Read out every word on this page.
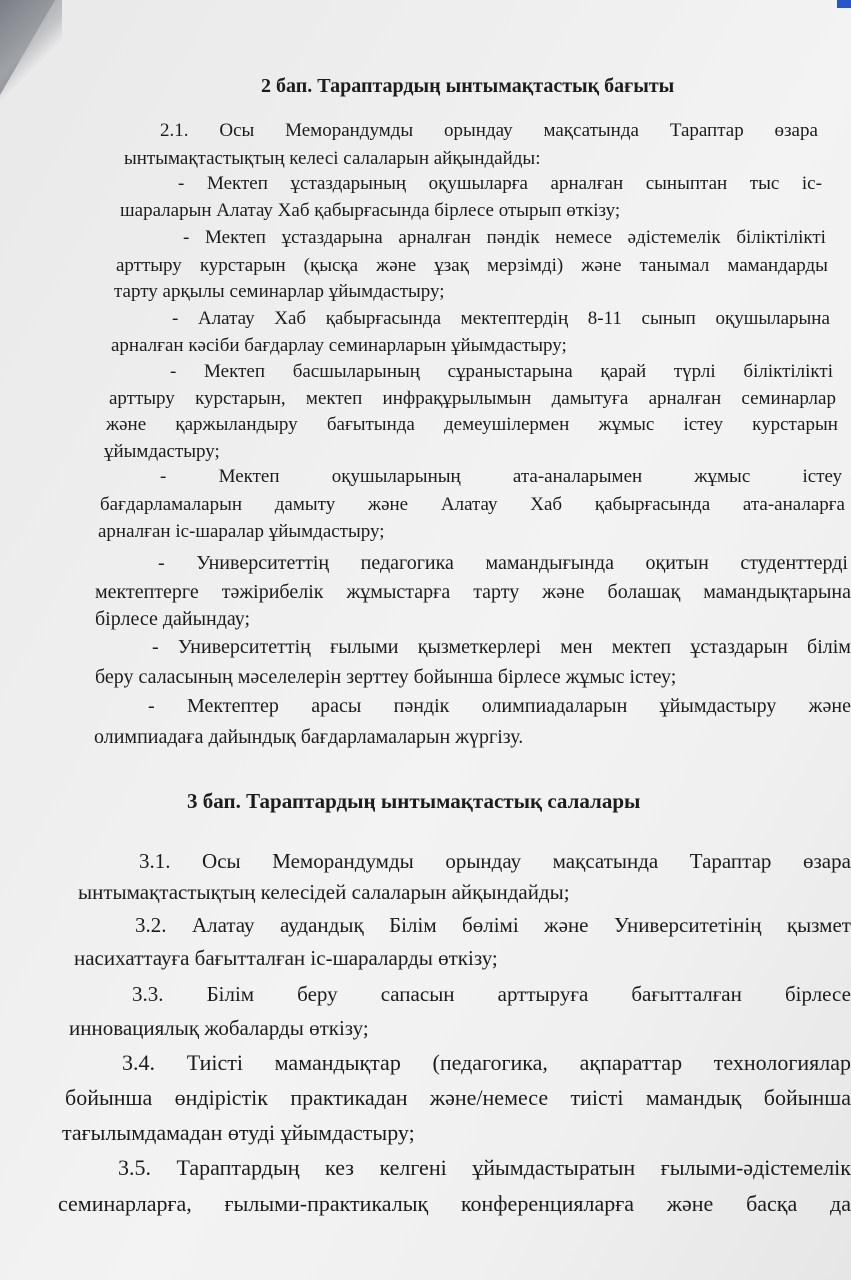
2 бап. Тараптардың ынтымақтастық бағыты
2.1. Осы Меморандумды орындау мақсатында Тараптар өзара
ынтымақтастықтың келесі салаларын айқындайды:
- Мектеп ұстаздарының оқушыларға арналған сыныптан тыс іс-
шараларын Алатау Хаб қабырғасында бірлесе отырып өткізу;
- Мектеп ұстаздарына арналған пәндік немесе әдістемелік біліктілікті
арттыру курстарын (қысқа және ұзақ мерзімді) және танымал мамандарды
тарту арқылы семинарлар ұйымдастыру;
- Алатау Хаб қабырғасында мектептердің 8-11 сынып оқушыларына
арналған кәсіби бағдарлау семинарларын ұйымдастыру;
- Мектеп басшыларының сұраныстарына қарай түрлі біліктілікті
арттыру курстарын, мектеп инфрақұрылымын дамытуға арналған семинарлар
және қаржыландыру бағытында демеушілермен жұмыс істеу курстарын
ұйымдастыру;
-	Мектеп	оқушыларының	ата-аналарымен	жұмыс	істеу
бағдарламаларын дамыту және Алатау Хаб қабырғасында ата-аналарға
арналған іс-шаралар ұйымдастыру;
- Университеттің педагогика мамандығында оқитын студенттерді
мектептерге тәжірибелік жұмыстарға тарту және болашақ мамандықтарына
бірлесе дайындау;
- Университеттің ғылыми қызметкерлері мен мектеп ұстаздарын білім
беру саласының мәселелерін зерттеу бойынша бірлесе жұмыс істеу;
- Мектептер арасы пәндік олимпиадаларын ұйымдастыру және
олимпиадаға дайындық бағдарламаларын жүргізу.
3 бап. Тараптардың ынтымақтастық салалары
3.1. Осы Меморандумды орындау мақсатында Тараптар өзара
ынтымақтастықтың келесідей салаларын айқындайды;
3.2. Алатау аудандық Білім бөлімі және Университетінің қызмет
насихаттауға бағытталған іс-шараларды өткізу;
3.3. Білім беру сапасын арттыруға бағытталған бірлесе
инновациялық жобаларды өткізу;
3.4. Тиісті мамандықтар (педагогика, ақпараттар технологиялар
бойынша өндірістік практикадан және/немесе тиісті мамандық бойынша
тағылымдамадан өтуді ұйымдастыру;
3.5. Тараптардың кез келгені ұйымдастыратын ғылыми-әдістемелік
семинарларға, ғылыми-практикалық конференцияларға және басқа да
